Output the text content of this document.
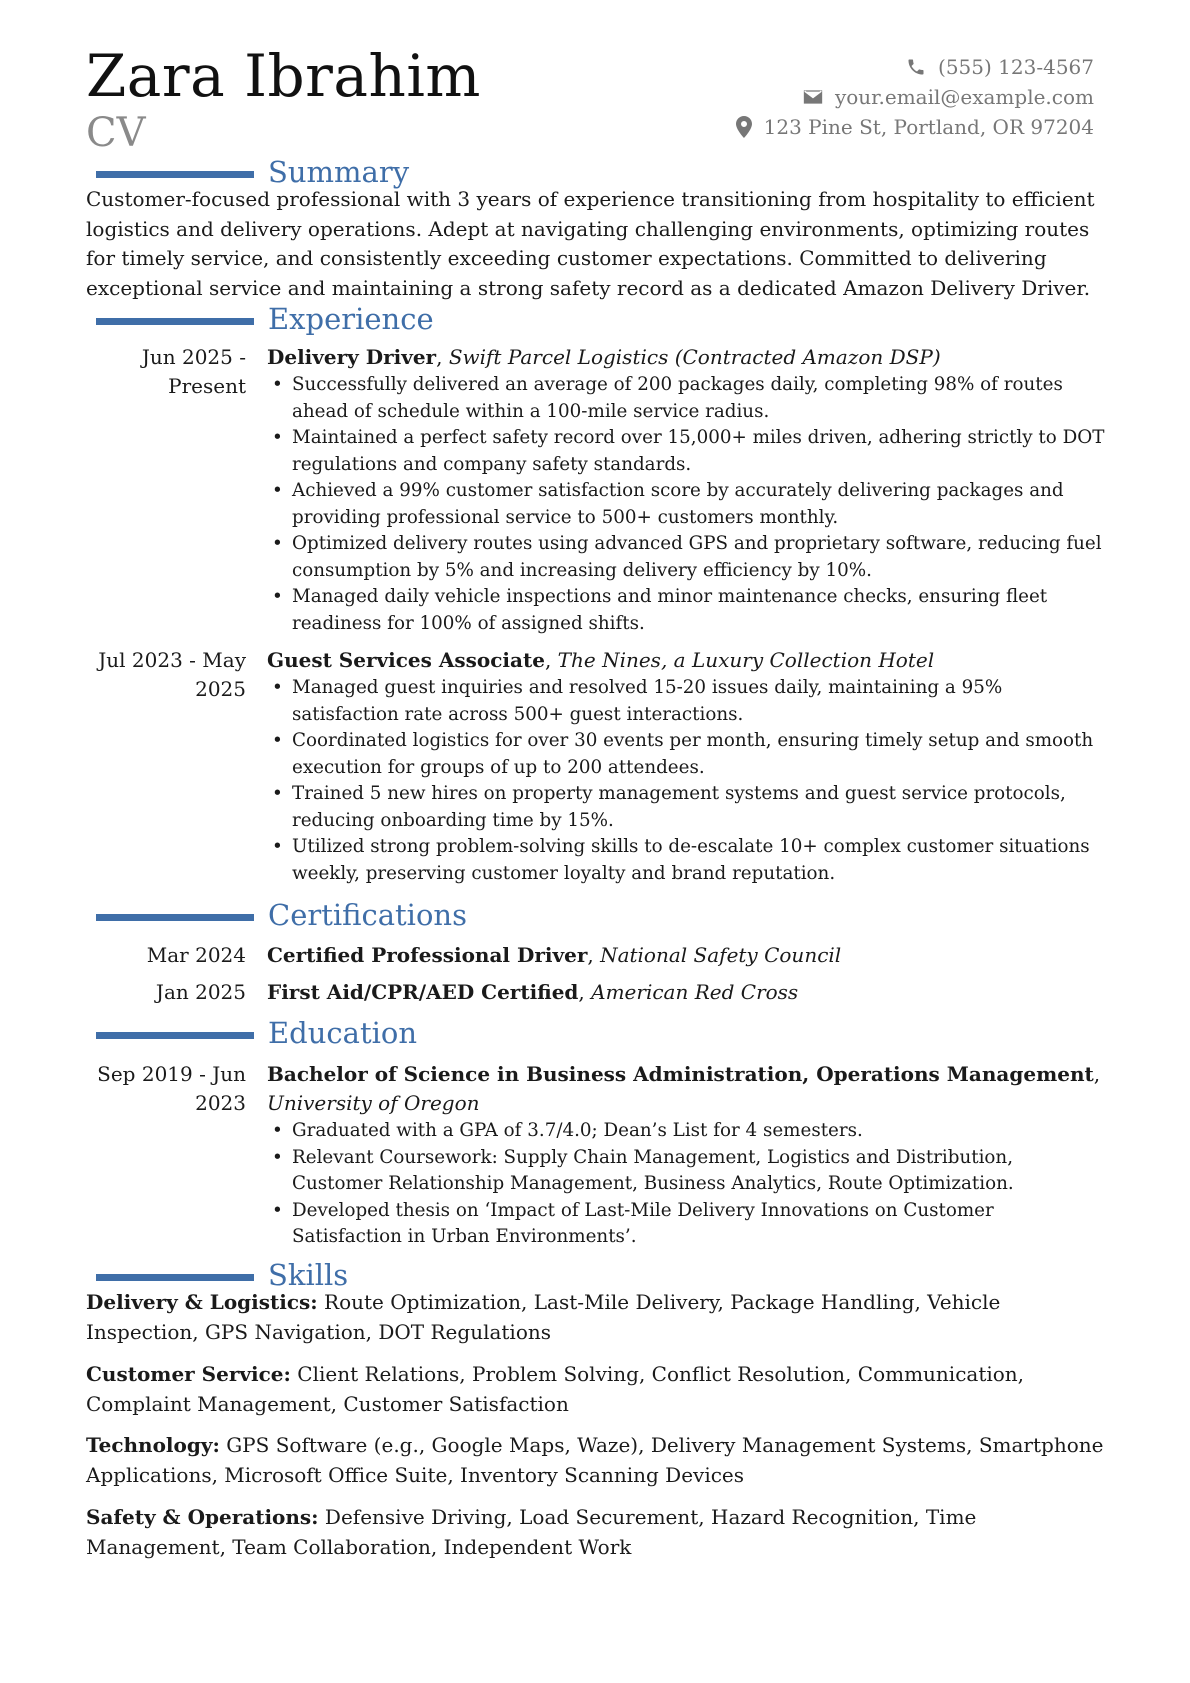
Zara Ibrahim
CV
(555) 123-4567
your.email@example.com
123 Pine St, Portland, OR 97204
Summary
Customer-focused professional with 3 years of experience transitioning from hospitality to efficient logistics and delivery operations. Adept at navigating challenging environments, optimizing routes for timely service, and consistently exceeding customer expectations. Committed to delivering exceptional service and maintaining a strong safety record as a dedicated Amazon Delivery Driver.
Experience
Jun 2025 - Present
Delivery Driver, Swift Parcel Logistics (Contracted Amazon DSP)
• Successfully delivered an average of 200 packages daily, completing 98% of routes ahead of schedule within a 100-mile service radius.
• Maintained a perfect safety record over 15,000+ miles driven, adhering strictly to DOT regulations and company safety standards.
• Achieved a 99% customer satisfaction score by accurately delivering packages and providing professional service to 500+ customers monthly.
• Optimized delivery routes using advanced GPS and proprietary software, reducing fuel consumption by 5% and increasing delivery efficiency by 10%.
• Managed daily vehicle inspections and minor maintenance checks, ensuring fleet readiness for 100% of assigned shifts.
Jul 2023 - May 2025
Guest Services Associate, The Nines, a Luxury Collection Hotel
• Managed guest inquiries and resolved 15-20 issues daily, maintaining a 95% satisfaction rate across 500+ guest interactions.
• Coordinated logistics for over 30 events per month, ensuring timely setup and smooth execution for groups of up to 200 attendees.
• Trained 5 new hires on property management systems and guest service protocols, reducing onboarding time by 15%.
• Utilized strong problem-solving skills to de-escalate 10+ complex customer situations weekly, preserving customer loyalty and brand reputation.
Certifications
Mar 2024 Certified Professional Driver, National Safety Council
Jan 2025 First Aid/CPR/AED Certified, American Red Cross
Education
Sep 2019 - Jun 2023
Bachelor of Science in Business Administration, Operations Management,
University of Oregon
• Graduated with a GPA of 3.7/4.0; Dean’s List for 4 semesters.
• Relevant Coursework: Supply Chain Management, Logistics and Distribution, Customer Relationship Management, Business Analytics, Route Optimization.
• Developed thesis on ‘Impact of Last-Mile Delivery Innovations on Customer Satisfaction in Urban Environments’.
Skills
Delivery & Logistics: Route Optimization, Last-Mile Delivery, Package Handling, Vehicle Inspection, GPS Navigation, DOT Regulations
Customer Service: Client Relations, Problem Solving, Conflict Resolution, Communication, Complaint Management, Customer Satisfaction
Technology: GPS Software (e.g., Google Maps, Waze), Delivery Management Systems, Smartphone Applications, Microsoft Office Suite, Inventory Scanning Devices
Safety & Operations: Defensive Driving, Load Securement, Hazard Recognition, Time Management, Team Collaboration, Independent Work
